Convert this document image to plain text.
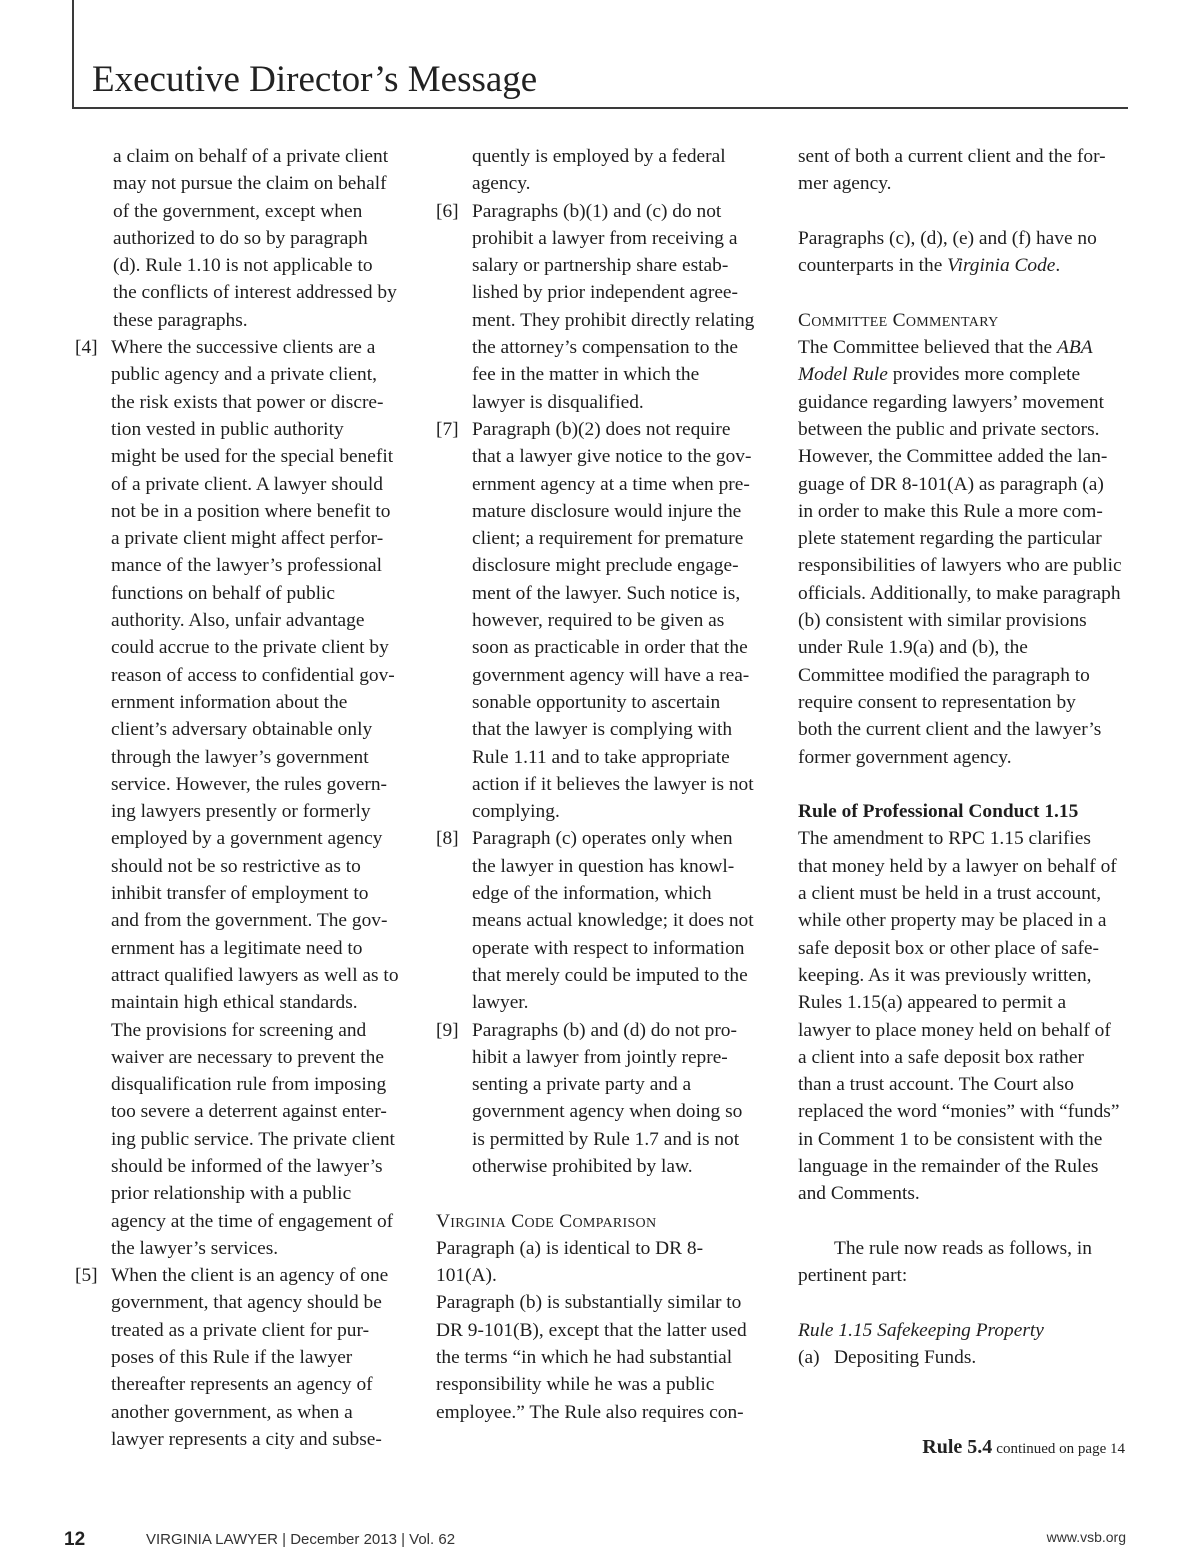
Executive Director’s Message
a claim on behalf of a private client
may not pursue the claim on behalf
of the government, except when
authorized to do so by paragraph
(d). Rule 1.10 is not applicable to
the conflicts of interest addressed by
these paragraphs.
[4] Where the successive clients are a
public agency and a private client,
the risk exists that power or discre-
tion vested in public authority
might be used for the special benefit
of a private client. A lawyer should
not be in a position where benefit to
a private client might affect perfor-
mance of the lawyer’s professional
functions on behalf of public
authority. Also, unfair advantage
could accrue to the private client by
reason of access to confidential gov-
ernment information about the
client’s adversary obtainable only
through the lawyer’s government
service. However, the rules govern-
ing lawyers presently or formerly
employed by a government agency
should not be so restrictive as to
inhibit transfer of employment to
and from the government. The gov-
ernment has a legitimate need to
attract qualified lawyers as well as to
maintain high ethical standards.
The provisions for screening and
waiver are necessary to prevent the
disqualification rule from imposing
too severe a deterrent against enter-
ing public service. The private client
should be informed of the lawyer’s
prior relationship with a public
agency at the time of engagement of
the lawyer’s services.
[5] When the client is an agency of one
government, that agency should be
treated as a private client for pur-
poses of this Rule if the lawyer
thereafter represents an agency of
another government, as when a
lawyer represents a city and subse-
quently is employed by a federal
agency.
[6] Paragraphs (b)(1) and (c) do not
prohibit a lawyer from receiving a
salary or partnership share estab-
lished by prior independent agree-
ment. They prohibit directly relating
the attorney’s compensation to the
fee in the matter in which the
lawyer is disqualified.
[7] Paragraph (b)(2) does not require
that a lawyer give notice to the gov-
ernment agency at a time when pre-
mature disclosure would injure the
client; a requirement for premature
disclosure might preclude engage-
ment of the lawyer. Such notice is,
however, required to be given as
soon as practicable in order that the
government agency will have a rea-
sonable opportunity to ascertain
that the lawyer is complying with
Rule 1.11 and to take appropriate
action if it believes the lawyer is not
complying.
[8] Paragraph (c) operates only when
the lawyer in question has knowl-
edge of the information, which
means actual knowledge; it does not
operate with respect to information
that merely could be imputed to the
lawyer.
[9] Paragraphs (b) and (d) do not pro-
hibit a lawyer from jointly repre-
senting a private party and a
government agency when doing so
is permitted by Rule 1.7 and is not
otherwise prohibited by law.
Virginia Code Comparison
Paragraph (a) is identical to DR 8-
101(A).
Paragraph (b) is substantially similar to
DR 9-101(B), except that the latter used
the terms “in which he had substantial
responsibility while he was a public
employee.” The Rule also requires con-
sent of both a current client and the for-
mer agency.
Paragraphs (c), (d), (e) and (f) have no
counterparts in the Virginia Code.
Committee Commentary
The Committee believed that the ABA
Model Rule provides more complete
guidance regarding lawyers’ movement
between the public and private sectors.
However, the Committee added the lan-
guage of DR 8-101(A) as paragraph (a)
in order to make this Rule a more com-
plete statement regarding the particular
responsibilities of lawyers who are public
officials. Additionally, to make paragraph
(b) consistent with similar provisions
under Rule 1.9(a) and (b), the
Committee modified the paragraph to
require consent to representation by
both the current client and the lawyer’s
former government agency.
Rule of Professional Conduct 1.15
The amendment to RPC 1.15 clarifies
that money held by a lawyer on behalf of
a client must be held in a trust account,
while other property may be placed in a
safe deposit box or other place of safe-
keeping. As it was previously written,
Rules 1.15(a) appeared to permit a
lawyer to place money held on behalf of
a client into a safe deposit box rather
than a trust account. The Court also
replaced the word “monies” with “funds”
in Comment 1 to be consistent with the
language in the remainder of the Rules
and Comments.
The rule now reads as follows, in
pertinent part:
Rule 1.15 Safekeeping Property
(a) Depositing Funds.
Rule 5.4 continued on page 14
12	VIRGINIA LAWYER | December 2013 | Vol. 62	www.vsb.org
